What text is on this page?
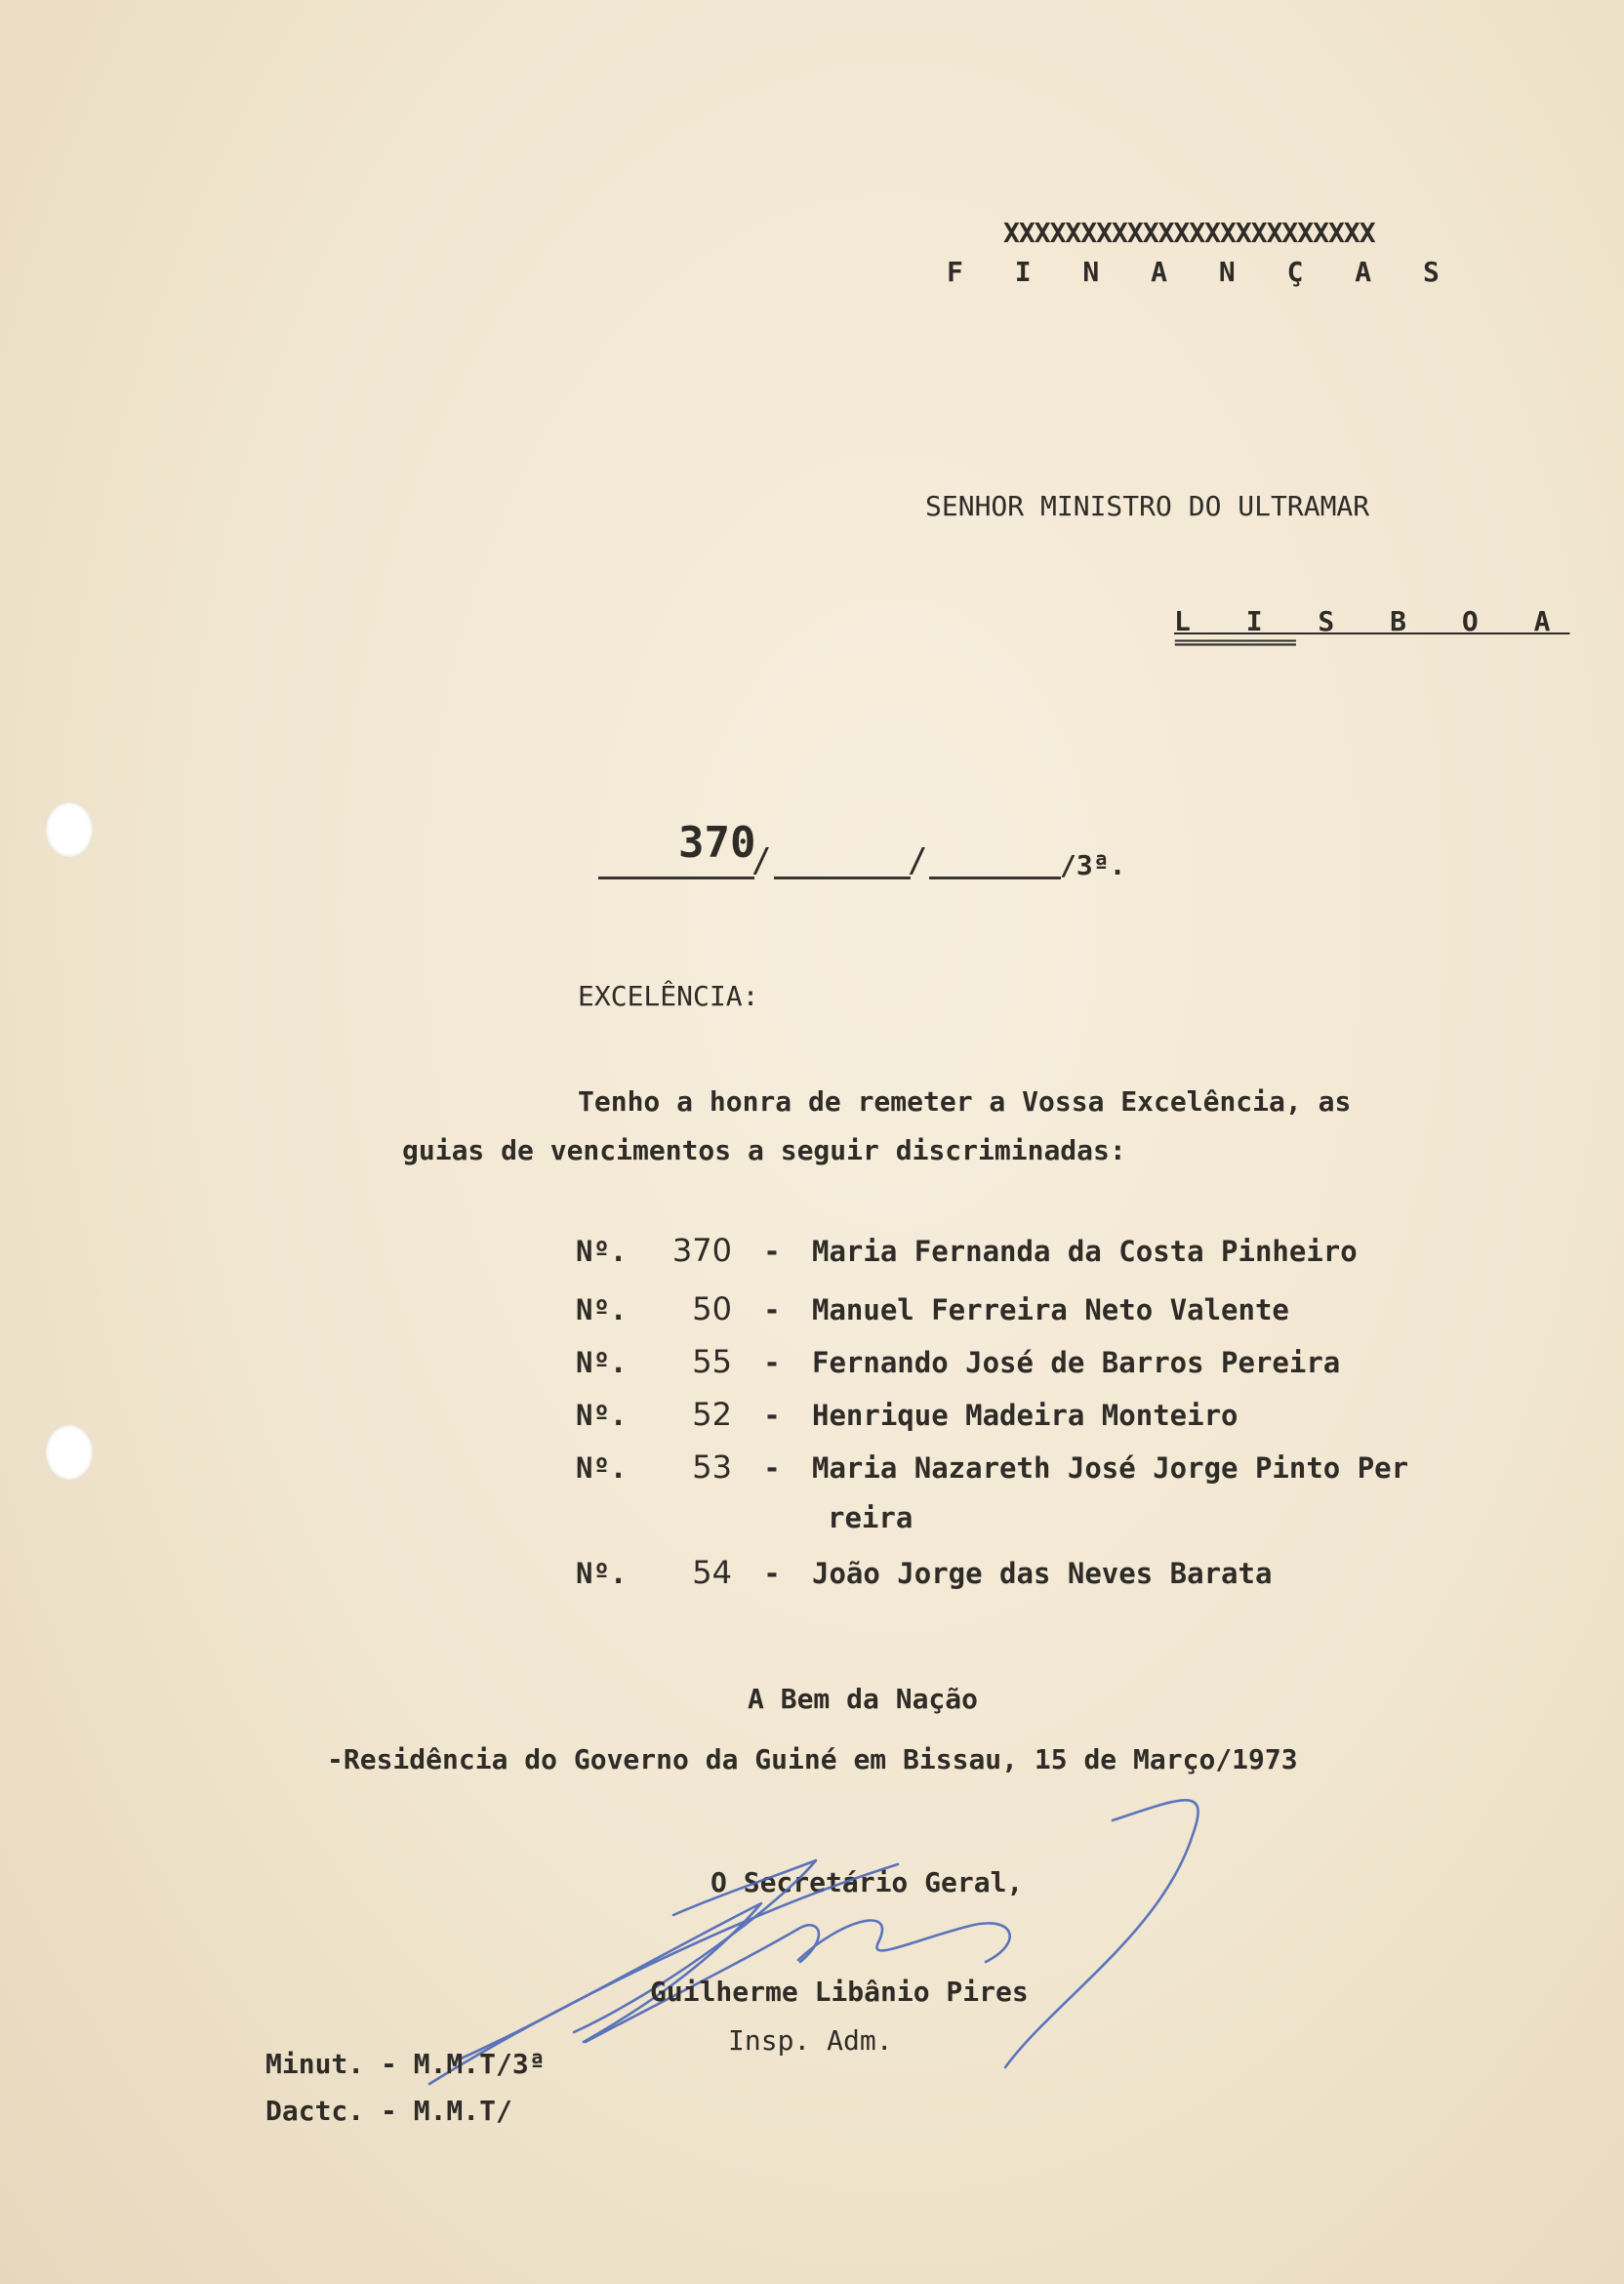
XXXXXXXXXXXXXXXXXXXXXXXX
F I N A N Ç A S
SENHOR MINISTRO DO ULTRAMAR
L I S B O A
==============
370
/	/	/3ª.
EXCELÊNCIA:
Tenho a honra de remeter a Vossa Excelência, as
guias de vencimentos a seguir discriminadas:
Nº. 370 - Maria Fernanda da Costa Pinheiro
Nº. 50 - Manuel Ferreira Neto Valente
Nº. 55 - Fernando José de Barros Pereira
Nº. 52 - Henrique Madeira Monteiro
Nº. 53 - Maria Nazareth José Jorge Pinto Per
reira
Nº. 54 - João Jorge das Neves Barata
A Bem da Nação
-Residência do Governo da Guiné em Bissau, 15 de Março/1973
O Secretário Geral,
Guilherme Libânio Pires
Insp. Adm.
Minut. - M.M.T/3ª
Dactc. - M.M.T/
